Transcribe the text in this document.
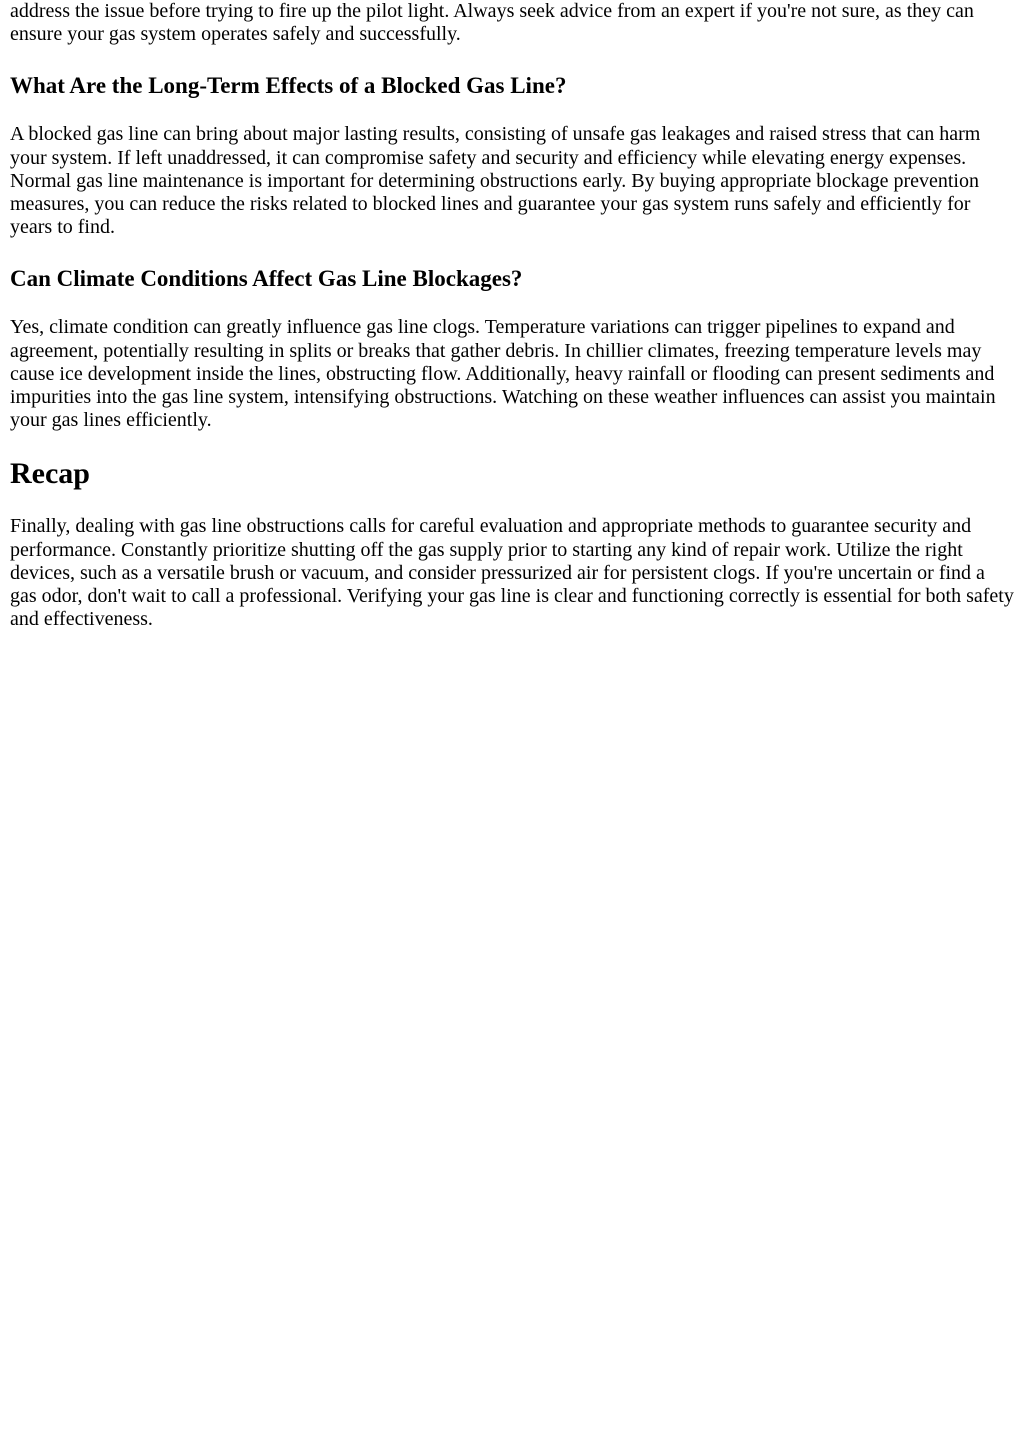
address the issue before trying to fire up the pilot light. Always seek advice from an expert if you're not sure, as they can ensure your gas system operates safely and successfully.

What Are the Long-Term Effects of a Blocked Gas Line?

A blocked gas line can bring about major lasting results, consisting of unsafe gas leakages and raised stress that can harm your system. If left unaddressed, it can compromise safety and security and efficiency while elevating energy expenses. Normal gas line maintenance is important for determining obstructions early. By buying appropriate blockage prevention measures, you can reduce the risks related to blocked lines and guarantee your gas system runs safely and efficiently for years to find.

Can Climate Conditions Affect Gas Line Blockages?

Yes, climate condition can greatly influence gas line clogs. Temperature variations can trigger pipelines to expand and agreement, potentially resulting in splits or breaks that gather debris. In chillier climates, freezing temperature levels may cause ice development inside the lines, obstructing flow. Additionally, heavy rainfall or flooding can present sediments and impurities into the gas line system, intensifying obstructions. Watching on these weather influences can assist you maintain your gas lines efficiently.

Recap

Finally, dealing with gas line obstructions calls for careful evaluation and appropriate methods to guarantee security and performance. Constantly prioritize shutting off the gas supply prior to starting any kind of repair work. Utilize the right devices, such as a versatile brush or vacuum, and consider pressurized air for persistent clogs. If you're uncertain or find a gas odor, don't wait to call a professional. Verifying your gas line is clear and functioning correctly is essential for both safety and effectiveness.
